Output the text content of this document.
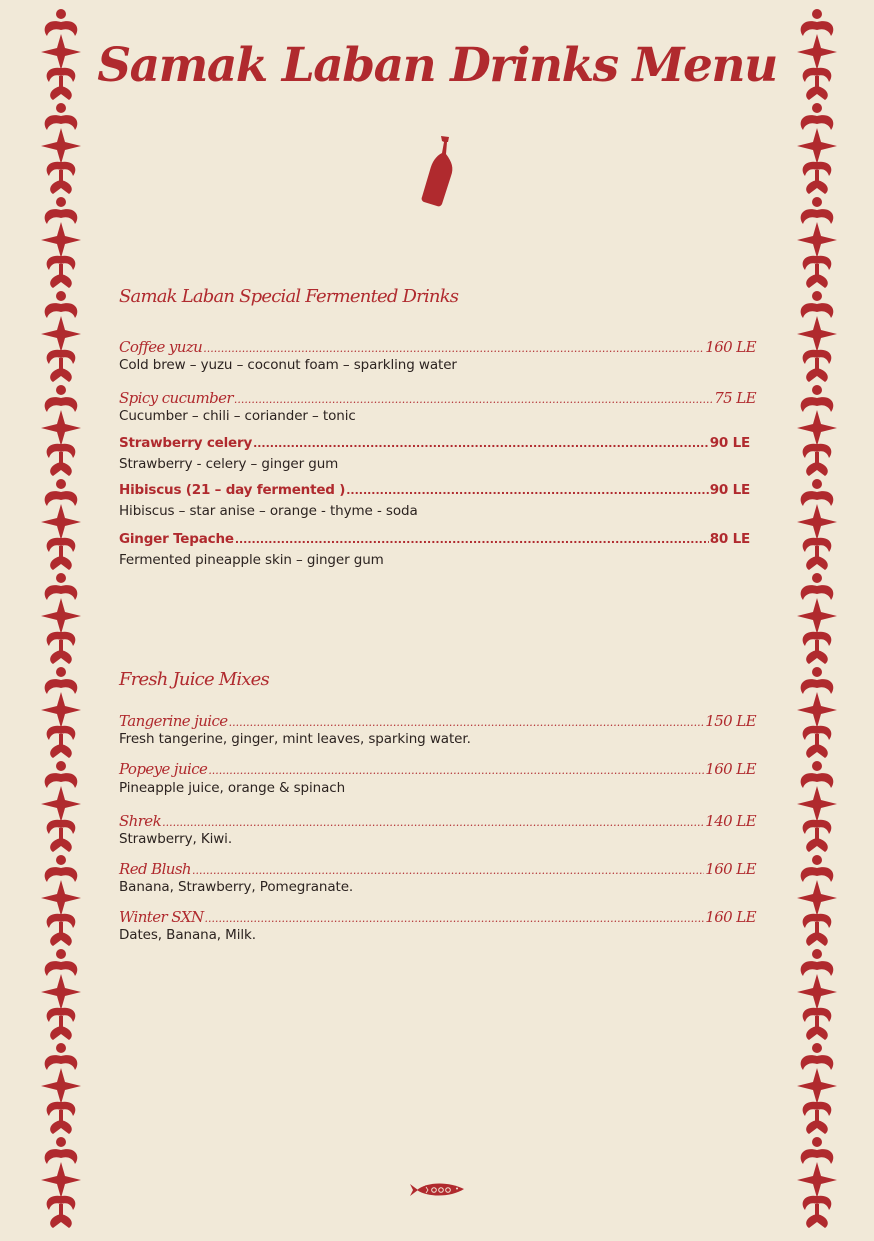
Samak Laban Drinks Menu
Samak Laban Special Fermented Drinks
Coffee yuzu .....	160 LE
Cold brew – yuzu – coconut foam – sparkling water
Spicy cucumber .....	75 LE
Cucumber – chili – coriander – tonic
Strawberry celery .....	90 LE
Strawberry - celery – ginger gum
Hibiscus (21 – day fermented ) .....	90 LE
Hibiscus – star anise – orange - thyme - soda
Ginger Tepache .....	80 LE
Fermented pineapple skin – ginger gum
Fresh Juice Mixes
Tangerine juice .....	150 LE
Fresh tangerine, ginger, mint leaves, sparking water.
Popeye juice .....	160 LE
Pineapple juice, orange & spinach
Shrek .....	140 LE
Strawberry, Kiwi.
Red Blush .....	160 LE
Banana, Strawberry, Pomegranate.
Winter SXN .....	160 LE
Dates, Banana, Milk.
